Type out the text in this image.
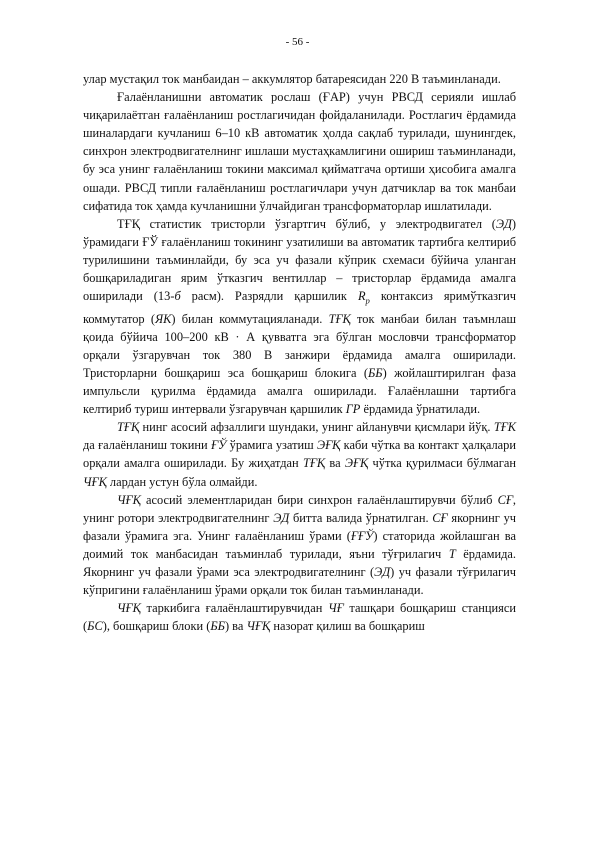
- 56 -

улар мустақил ток манбаидан – аккумлятор батареясидан 220 В таъминланади.

Ғалаёнланишни автоматик рослаш (ҒАР) учун РВСД серияли ишлаб чиқарилаётган ғалаёнланиш ростлагичидан фойдаланилади. Ростлагич ёрдамида шиналардаги кучланиш 6–10 кВ автоматик ҳолда сақлаб турилади, шунингдек, синхрон электродвигателнинг ишлаши мустаҳкамлигини ошириш таъминланади, бу эса унинг ғалаёнланиш токини максимал қийматгача ортиши ҳисобига амалга ошади. РВСД типли ғалаёнланиш ростлагичлари учун датчиклар ва ток манбаи сифатида ток ҳамда кучланишни ўлчайдиган трансформаторлар ишлатилади.

ТҒҚ статистик тристорли ўзгартгич бўлиб, у электродвигател (ЭД) ўрамидаги ҒЎ ғалаёнланиш токининг узатилиши ва автоматик тартибга келтириб турилишини таъминлайди, бу эса уч фазали кўприк схемаси бўйича уланган бошқариладиган ярим ўтказгич вентиллар – тристорлар ёрдамида амалга оширилади (13-б расм). Разрядли қаршилик $R_р$ контаксиз яримўтказгич коммутатор (ЯК) билан коммутацияланади. ТҒҚ ток манбаи билан таъмнлаш қоида бўйича 100–200 кВ · А қувватга эга бўлган мословчи трансформатор орқали ўзгарувчан ток 380 В занжири ёрдамида амалга оширилади. Тристорларни бошқариш эса бошқариш блокига (ББ) жойлаштирилган фаза импульсли қурилма ёрдамида амалга оширилади. Ғалаёнлашни тартибга келтириб туриш интервали ўзгарувчан қаршилик ГР ёрдамида ўрнатилади.

ТҒҚ нинг асосий афзаллиги шундаки, унинг айланувчи қисмлари йўқ. ТҒК да ғалаёнланиш токини ҒЎ ўрамига узатиш ЭҒҚ каби чўтка ва контакт ҳалқалари орқали амалга оширилади. Бу жиҳатдан ТҒҚ ва ЭҒҚ чўтка қурилмаси бўлмаган ЧҒҚ лардан устун бўла олмайди.

ЧҒҚ асосий элементларидан бири синхрон ғалаёнлаштирувчи бўлиб СҒ, унинг ротори электродвигателнинг ЭД битта валида ўрнатилган. СҒ якорнинг уч фазали ўрамига эга. Унинг ғалаёнланиш ўрами (ҒҒЎ) статорида жойлашган ва доимий ток манбасидан таъминлаб турилади, яъни тўғрилагич Т ёрдамида. Якорнинг уч фазали ўрами эса электродвигателнинг (ЭД) уч фазали тўғрилагич кўпригини ғалаёнланиш ўрами орқали ток билан таъминланади.

ЧҒҚ таркибига ғалаёнлаштирувчидан ЧҒ ташқари бошқариш станцияси (БС), бошқариш блоки (ББ) ва ЧҒҚ назорат қилиш ва бошқариш
